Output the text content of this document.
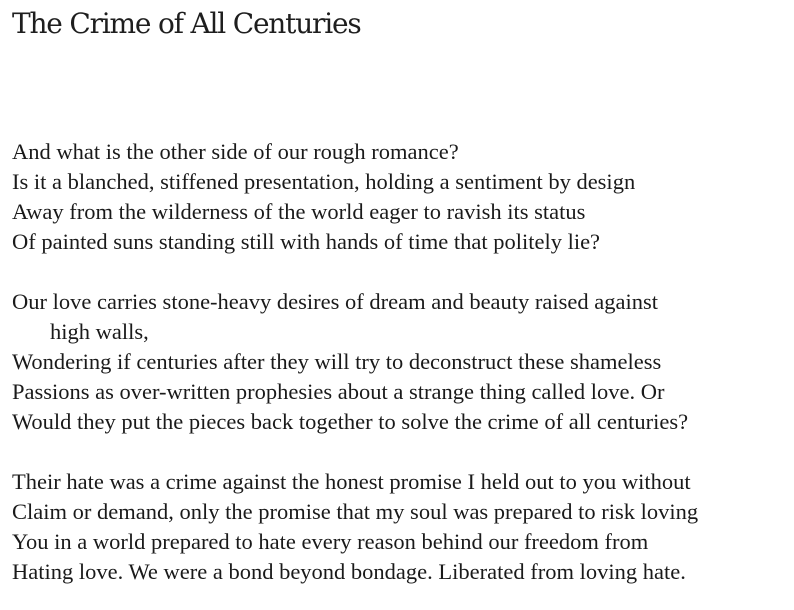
The Crime of All Centuries
And what is the other side of our rough romance?
Is it a blanched, stiffened presentation, holding a sentiment by design
Away from the wilderness of the world eager to ravish its status
Of painted suns standing still with hands of time that politely lie?
Our love carries stone-heavy desires of dream and beauty raised against
high walls,
Wondering if centuries after they will try to deconstruct these shameless
Passions as over-written prophesies about a strange thing called love. Or
Would they put the pieces back together to solve the crime of all centuries?
Their hate was a crime against the honest promise I held out to you without
Claim or demand, only the promise that my soul was prepared to risk loving
You in a world prepared to hate every reason behind our freedom from
Hating love. We were a bond beyond bondage. Liberated from loving hate.
